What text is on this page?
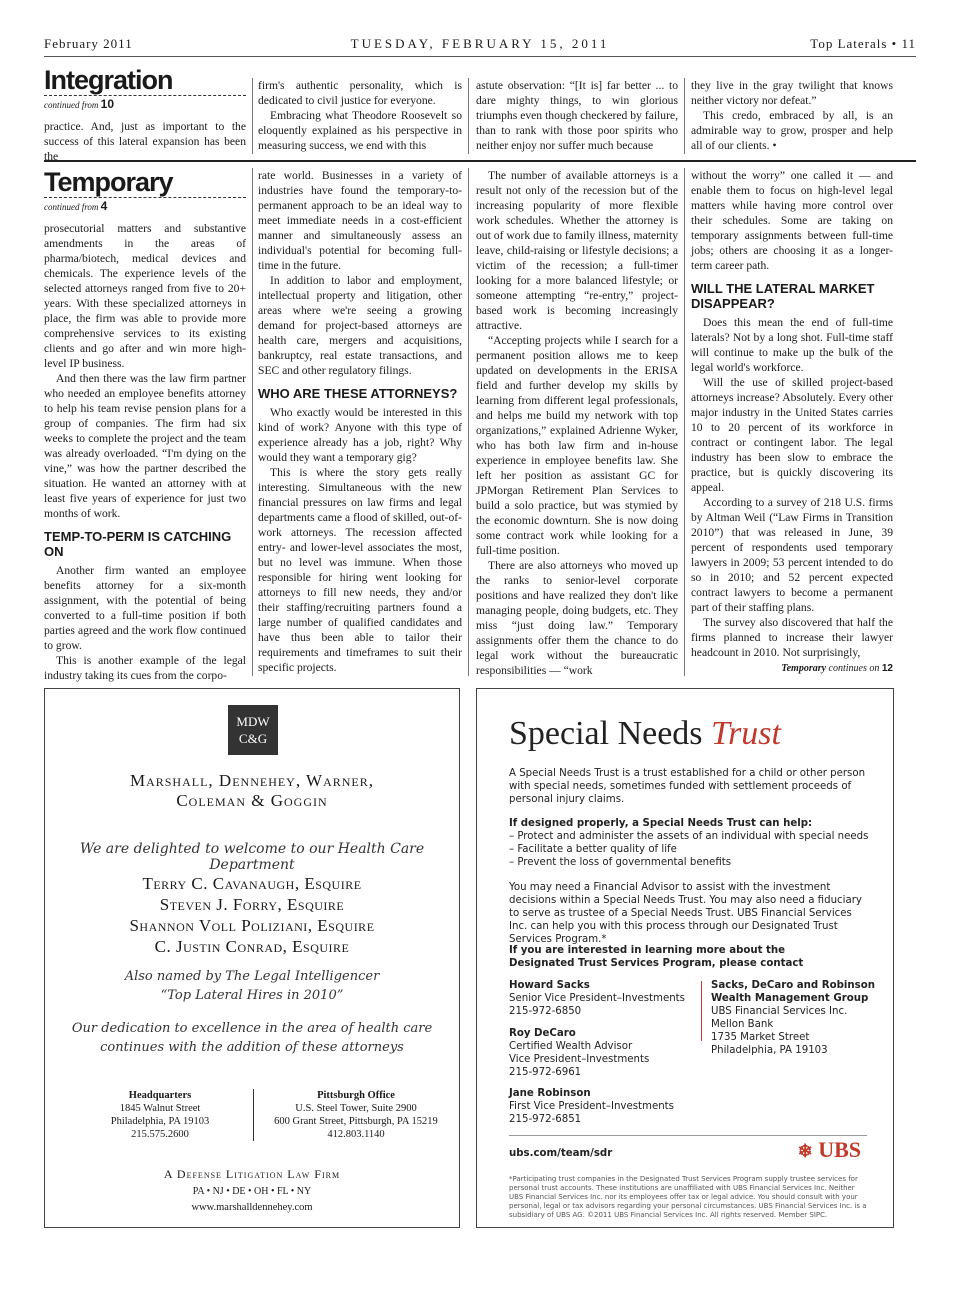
February 2011	TUESDAY, FEBRUARY 15, 2011	Top Laterals • 11
Integration
continued from 10

practice. And, just as important to the success of this lateral expansion has been the

firm's authentic personality, which is dedicated to civil justice for everyone.

Embracing what Theodore Roosevelt so eloquently explained as his perspective in measuring success, we end with this

astute observation: “[It is] far better ... to dare mighty things, to win glorious triumphs even though checkered by failure, than to rank with those poor spirits who neither enjoy nor suffer much because

they live in the gray twilight that knows neither victory nor defeat.”

This credo, embraced by all, is an admirable way to grow, prosper and help all of our clients. •

Temporary
continued from 4

prosecutorial matters and substantive amendments in the areas of pharma/biotech, medical devices and chemicals. The experience levels of the selected attorneys ranged from five to 20+ years. With these specialized attorneys in place, the firm was able to provide more comprehensive services to its existing clients and go after and win more high-level IP business.

And then there was the law firm partner who needed an employee benefits attorney to help his team revise pension plans for a group of companies. The firm had six weeks to complete the project and the team was already overloaded. “I'm dying on the vine,” was how the partner described the situation. He wanted an attorney with at least five years of experience for just two months of work.

TEMP-TO-PERM IS CATCHING ON

Another firm wanted an employee benefits attorney for a six-month assignment, with the potential of being converted to a full-time position if both parties agreed and the work flow continued to grow.

This is another example of the legal industry taking its cues from the corpo-

rate world. Businesses in a variety of industries have found the temporary-to-permanent approach to be an ideal way to meet immediate needs in a cost-efficient manner and simultaneously assess an individual's potential for becoming full-time in the future.

In addition to labor and employment, intellectual property and litigation, other areas where we're seeing a growing demand for project-based attorneys are health care, mergers and acquisitions, bankruptcy, real estate transactions, and SEC and other regulatory filings.

WHO ARE THESE ATTORNEYS?

Who exactly would be interested in this kind of work? Anyone with this type of experience already has a job, right? Why would they want a temporary gig?

This is where the story gets really interesting. Simultaneous with the new financial pressures on law firms and legal departments came a flood of skilled, out-of-work attorneys. The recession affected entry- and lower-level associates the most, but no level was immune. When those responsible for hiring went looking for attorneys to fill new needs, they and/or their staffing/recruiting partners found a large number of qualified candidates and have thus been able to tailor their requirements and timeframes to suit their specific projects.

The number of available attorneys is a result not only of the recession but of the increasing popularity of more flexible work schedules. Whether the attorney is out of work due to family illness, maternity leave, child-raising or lifestyle decisions; a victim of the recession; a full-timer looking for a more balanced lifestyle; or someone attempting “re-entry,” project-based work is becoming increasingly attractive.

“Accepting projects while I search for a permanent position allows me to keep updated on developments in the ERISA field and further develop my skills by learning from different legal professionals, and helps me build my network with top organizations,” explained Adrienne Wyker, who has both law firm and in-house experience in employee benefits law. She left her position as assistant GC for JPMorgan Retirement Plan Services to build a solo practice, but was stymied by the economic downturn. She is now doing some contract work while looking for a full-time position.

There are also attorneys who moved up the ranks to senior-level corporate positions and have realized they don't like managing people, doing budgets, etc. They miss “just doing law.” Temporary assignments offer them the chance to do legal work without the bureaucratic responsibilities — “work

without the worry” one called it — and enable them to focus on high-level legal matters while having more control over their schedules. Some are taking on temporary assignments between full-time jobs; others are choosing it as a longer-term career path.

WILL THE LATERAL MARKET DISAPPEAR?

Does this mean the end of full-time laterals? Not by a long shot. Full-time staff will continue to make up the bulk of the legal world's workforce.

Will the use of skilled project-based attorneys increase? Absolutely. Every other major industry in the United States carries 10 to 20 percent of its workforce in contract or contingent labor. The legal industry has been slow to embrace the practice, but is quickly discovering its appeal.

According to a survey of 218 U.S. firms by Altman Weil (“Law Firms in Transition 2010”) that was released in June, 39 percent of respondents used temporary lawyers in 2009; 53 percent intended to do so in 2010; and 52 percent expected contract lawyers to become a permanent part of their staffing plans.

The survey also discovered that half the firms planned to increase their lawyer headcount in 2010. Not surprisingly,

Temporary continues on 12
MDW
C&G
Marshall, Dennehey, Warner,
Coleman & Goggin
We are delighted to welcome to our Health Care Department
Terry C. Cavanaugh, Esquire
Steven J. Forry, Esquire
Shannon Voll Poliziani, Esquire
C. Justin Conrad, Esquire
Also named by The Legal Intelligencer
“Top Lateral Hires in 2010”
Our dedication to excellence in the area of health care
continues with the addition of these attorneys
Headquarters
1845 Walnut Street
Philadelphia, PA 19103
215.575.2600
Pittsburgh Office
U.S. Steel Tower, Suite 2900
600 Grant Street, Pittsburgh, PA 15219
412.803.1140
A Defense Litigation Law Firm
PA • NJ • DE • OH • FL • NY
www.marshalldennehey.com
Special Needs Trust
A Special Needs Trust is a trust established for a child or other person with special needs, sometimes funded with settlement proceeds of personal injury claims.
If designed properly, a Special Needs Trust can help:
– Protect and administer the assets of an individual with special needs
– Facilitate a better quality of life
– Prevent the loss of governmental benefits
You may need a Financial Advisor to assist with the investment decisions within a Special Needs Trust. You may also need a fiduciary to serve as trustee of a Special Needs Trust. UBS Financial Services Inc. can help you with this process through our Designated Trust Services Program.*
If you are interested in learning more about the
Designated Trust Services Program, please contact
Howard Sacks
Senior Vice President–Investments
215-972-6850
Roy DeCaro
Certified Wealth Advisor
Vice President–Investments
215-972-6961
Jane Robinson
First Vice President–Investments
215-972-6851
Sacks, DeCaro and Robinson
Wealth Management Group
UBS Financial Services Inc.
Mellon Bank
1735 Market Street
Philadelphia, PA 19103
ubs.com/team/sdr	❄ UBS
*Participating trust companies in the Designated Trust Services Program supply trustee services for personal trust accounts. These institutions are unaffiliated with UBS Financial Services Inc. Neither UBS Financial Services Inc. nor its employees offer tax or legal advice. You should consult with your personal, legal or tax advisors regarding your personal circumstances. UBS Financial Services Inc. is a subsidiary of UBS AG. ©2011 UBS Financial Services Inc. All rights reserved. Member SIPC.
